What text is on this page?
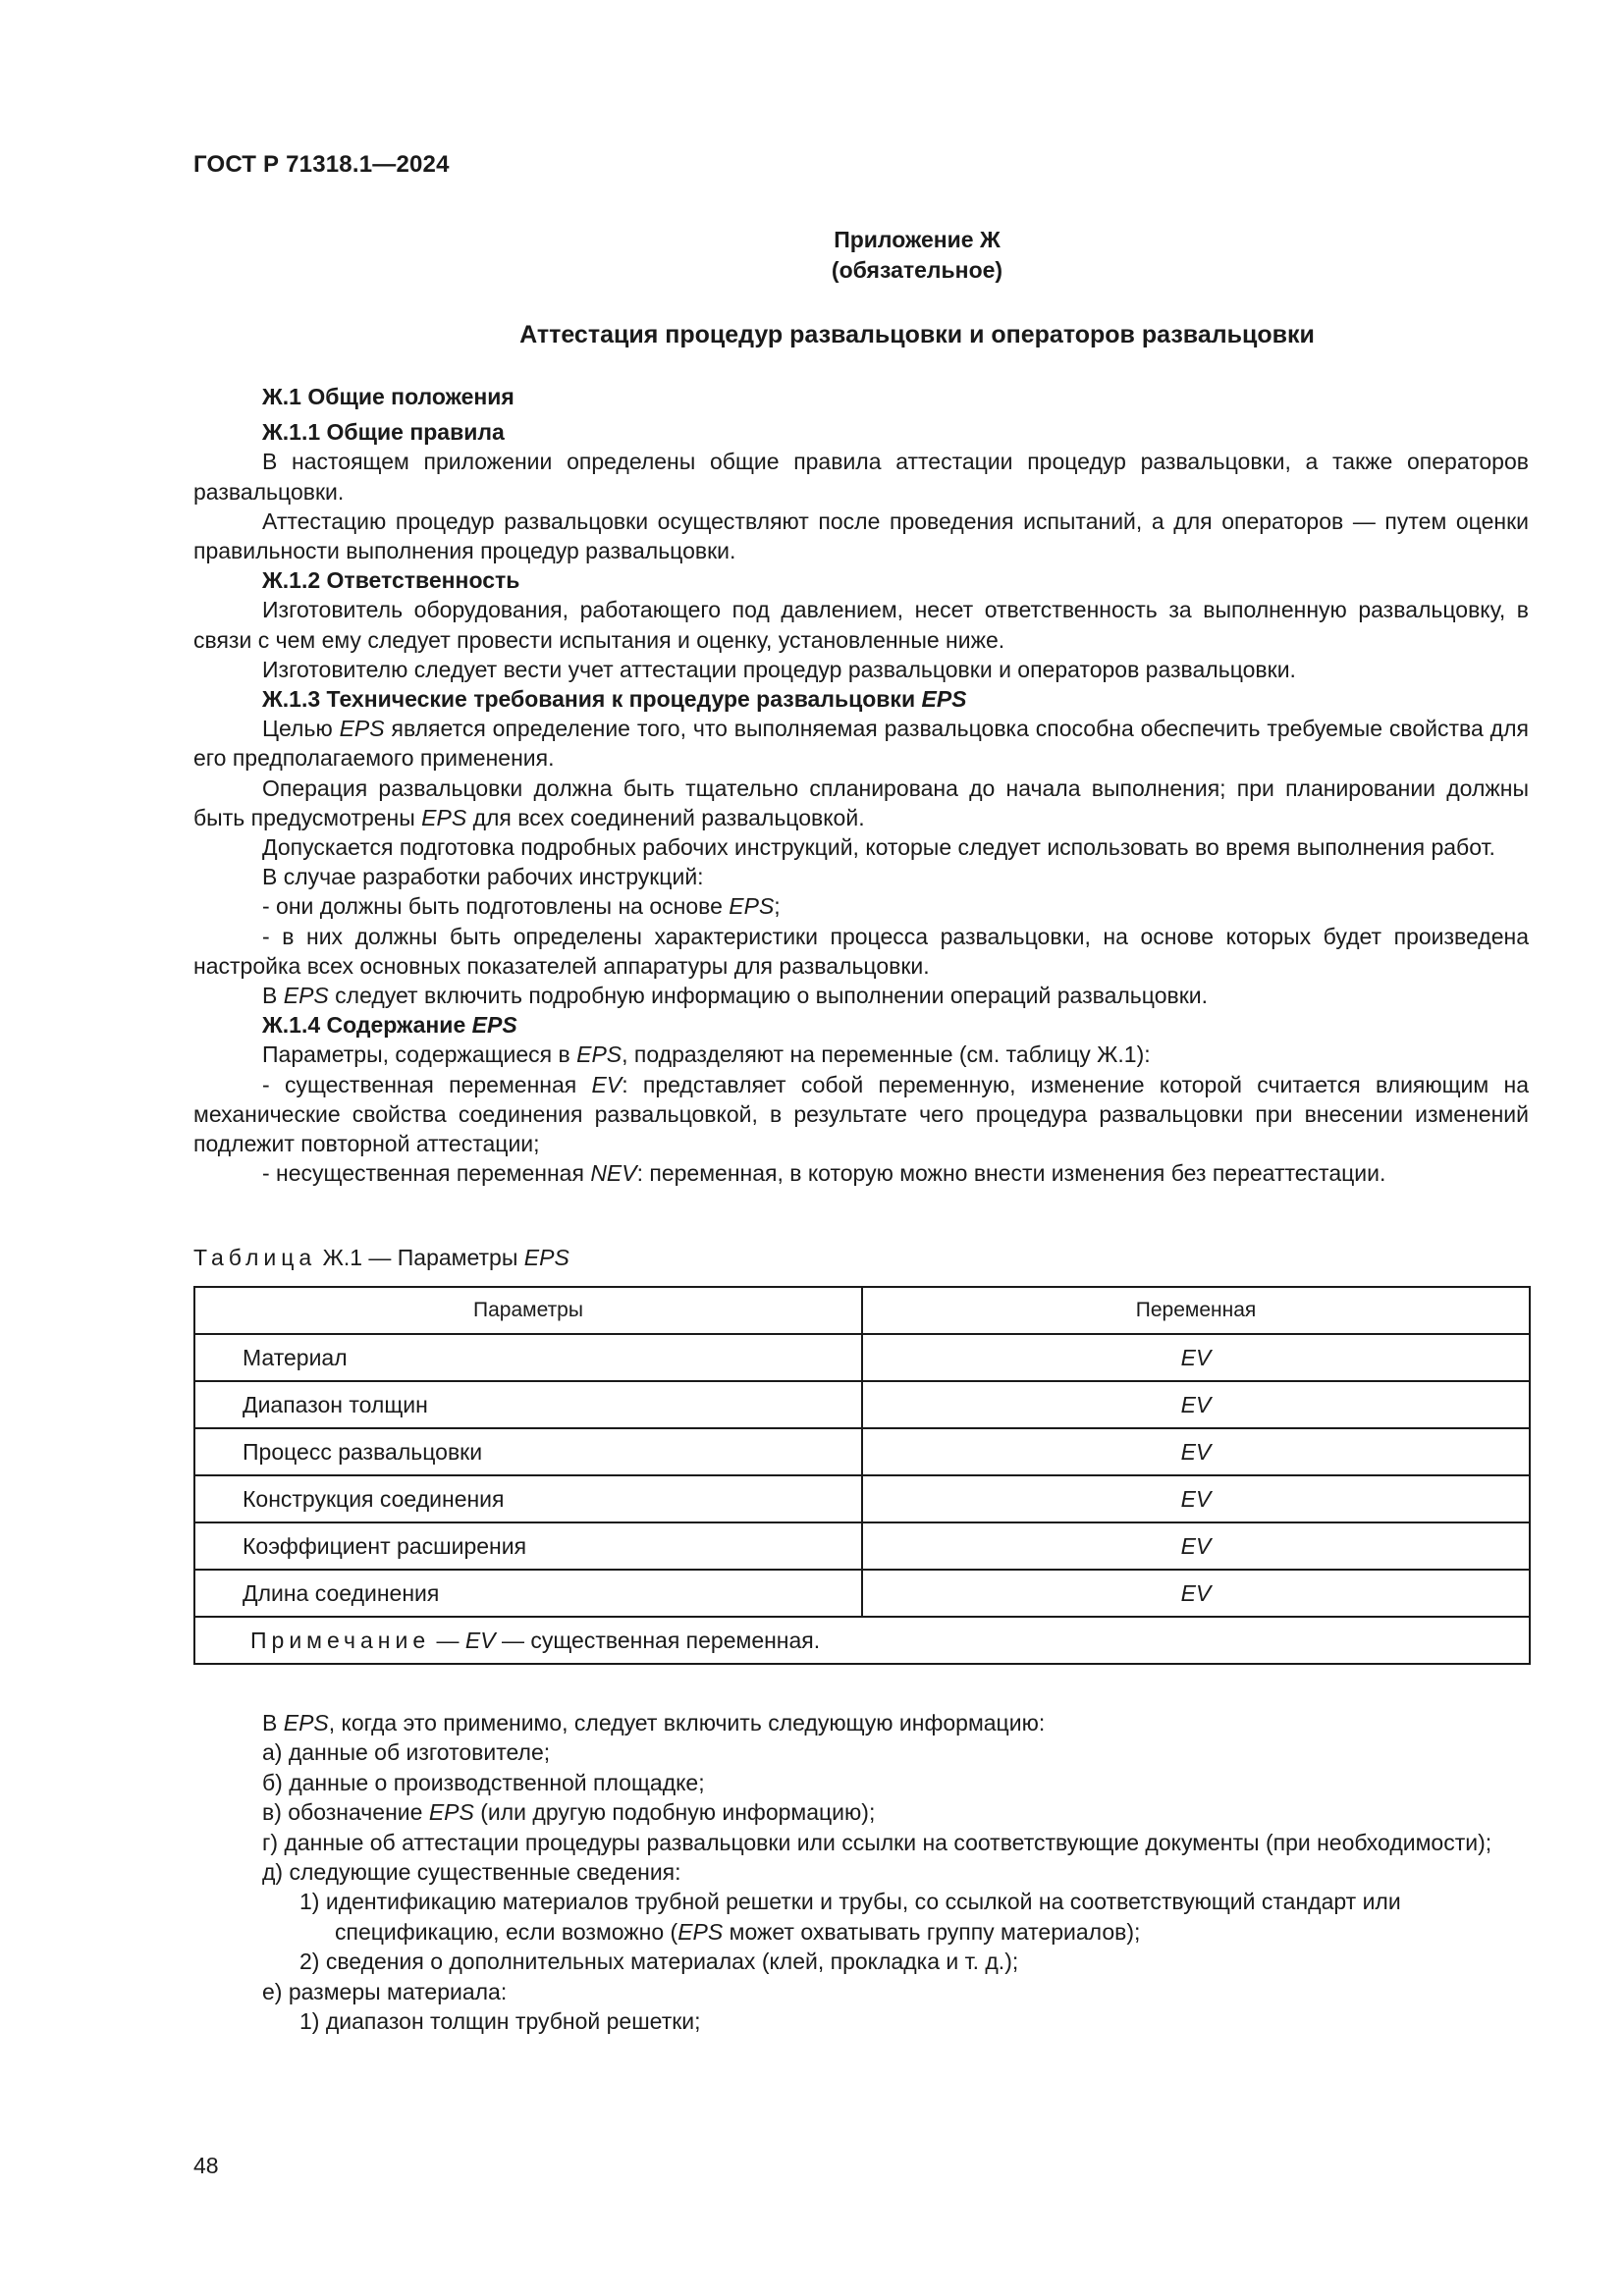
ГОСТ Р 71318.1—2024
Приложение Ж
(обязательное)
Аттестация процедур развальцовки и операторов развальцовки
Ж.1 Общие положения
Ж.1.1 Общие правила
В настоящем приложении определены общие правила аттестации процедур развальцовки, а также операторов развальцовки.
Аттестацию процедур развальцовки осуществляют после проведения испытаний, а для операторов — путем оценки правильности выполнения процедур развальцовки.
Ж.1.2 Ответственность
Изготовитель оборудования, работающего под давлением, несет ответственность за выполненную развальцовку, в связи с чем ему следует провести испытания и оценку, установленные ниже.
Изготовителю следует вести учет аттестации процедур развальцовки и операторов развальцовки.
Ж.1.3 Технические требования к процедуре развальцовки EPS
Целью EPS является определение того, что выполняемая развальцовка способна обеспечить требуемые свойства для его предполагаемого применения.
Операция развальцовки должна быть тщательно спланирована до начала выполнения; при планировании должны быть предусмотрены EPS для всех соединений развальцовкой.
Допускается подготовка подробных рабочих инструкций, которые следует использовать во время выполнения работ.
В случае разработки рабочих инструкций:
- они должны быть подготовлены на основе EPS;
- в них должны быть определены характеристики процесса развальцовки, на основе которых будет произведена настройка всех основных показателей аппаратуры для развальцовки.
В EPS следует включить подробную информацию о выполнении операций развальцовки.
Ж.1.4 Содержание EPS
Параметры, содержащиеся в EPS, подразделяют на переменные (см. таблицу Ж.1):
- существенная переменная EV: представляет собой переменную, изменение которой считается влияющим на механические свойства соединения развальцовкой, в результате чего процедура развальцовки при внесении изменений подлежит повторной аттестации;
- несущественная переменная NEV: переменная, в которую можно внести изменения без переаттестации.
Таблица Ж.1 — Параметры EPS
Параметры	Переменная
Материал	EV
Диапазон толщин	EV
Процесс развальцовки	EV
Конструкция соединения	EV
Коэффициент расширения	EV
Длина соединения	EV
Примечание — EV — существенная переменная.	
В EPS, когда это применимо, следует включить следующую информацию:
а) данные об изготовителе;
б) данные о производственной площадке;
в) обозначение EPS (или другую подобную информацию);
г) данные об аттестации процедуры развальцовки или ссылки на соответствующие документы (при необходимости);
д) следующие существенные сведения:
1) идентификацию материалов трубной решетки и трубы, со ссылкой на соответствующий стандарт или спецификацию, если возможно (EPS может охватывать группу материалов);
2) сведения о дополнительных материалах (клей, прокладка и т. д.);
е) размеры материала:
1) диапазон толщин трубной решетки;
48
